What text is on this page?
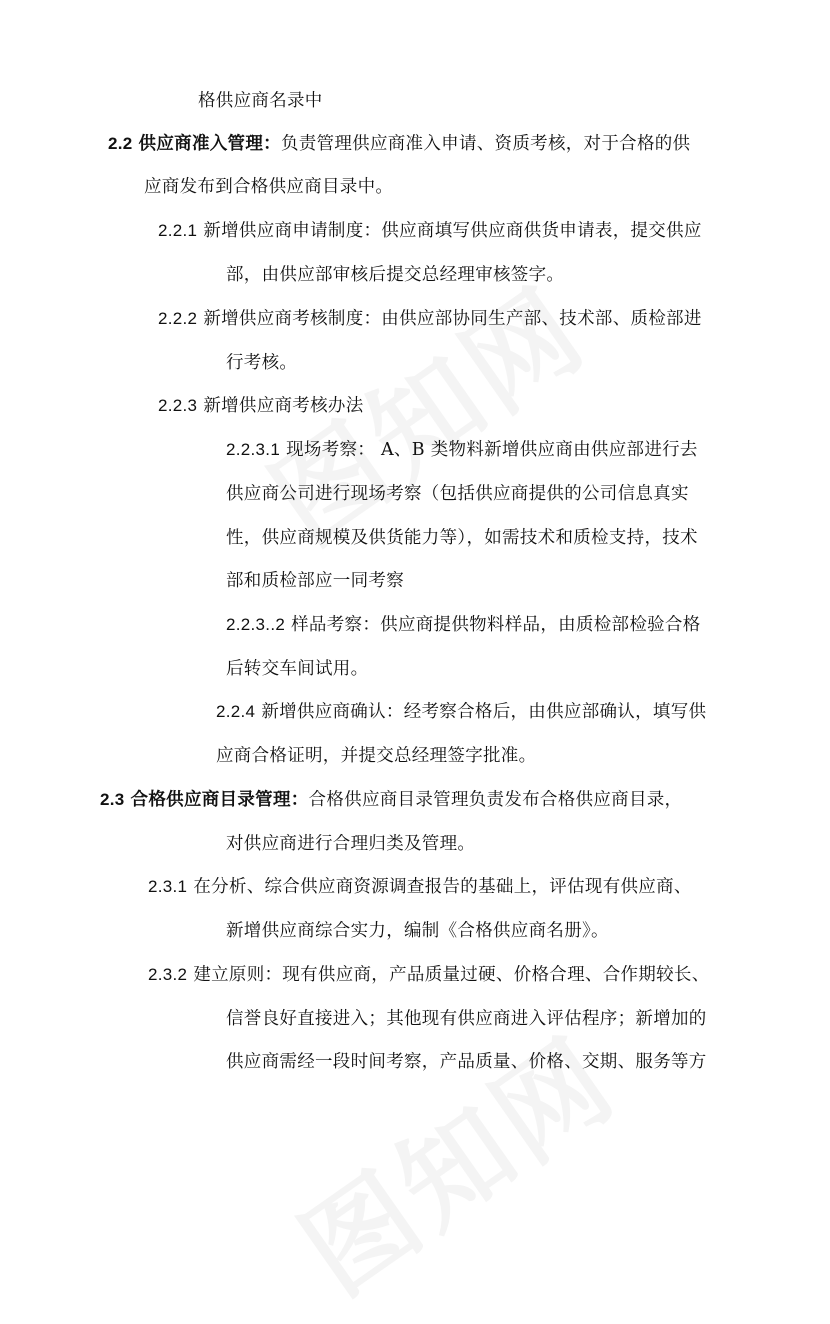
格供应商名录中
2.2 供应商准入管理：负责管理供应商准入申请、资质考核，对于合格的供
应商发布到合格供应商目录中。
2.2.1 新增供应商申请制度：供应商填写供应商供货申请表，提交供应
部，由供应部审核后提交总经理审核签字。
2.2.2 新增供应商考核制度：由供应部协同生产部、技术部、质检部进
行考核。
2.2.3 新增供应商考核办法
2.2.3.1 现场考察： A、B 类物料新增供应商由供应部进行去
供应商公司进行现场考察（包括供应商提供的公司信息真实
性，供应商规模及供货能力等），如需技术和质检支持，技术
部和质检部应一同考察
2.2.3..2 样品考察：供应商提供物料样品，由质检部检验合格
后转交车间试用。
2.2.4 新增供应商确认：经考察合格后，由供应部确认，填写供
应商合格证明，并提交总经理签字批准。
2.3 合格供应商目录管理：合格供应商目录管理负责发布合格供应商目录，
对供应商进行合理归类及管理。
2.3.1 在分析、综合供应商资源调查报告的基础上，评估现有供应商、
新增供应商综合实力，编制《合格供应商名册》。
2.3.2 建立原则：现有供应商，产品质量过硬、价格合理、合作期较长、
信誉良好直接进入；其他现有供应商进入评估程序；新增加的
供应商需经一段时间考察，产品质量、价格、交期、服务等方
